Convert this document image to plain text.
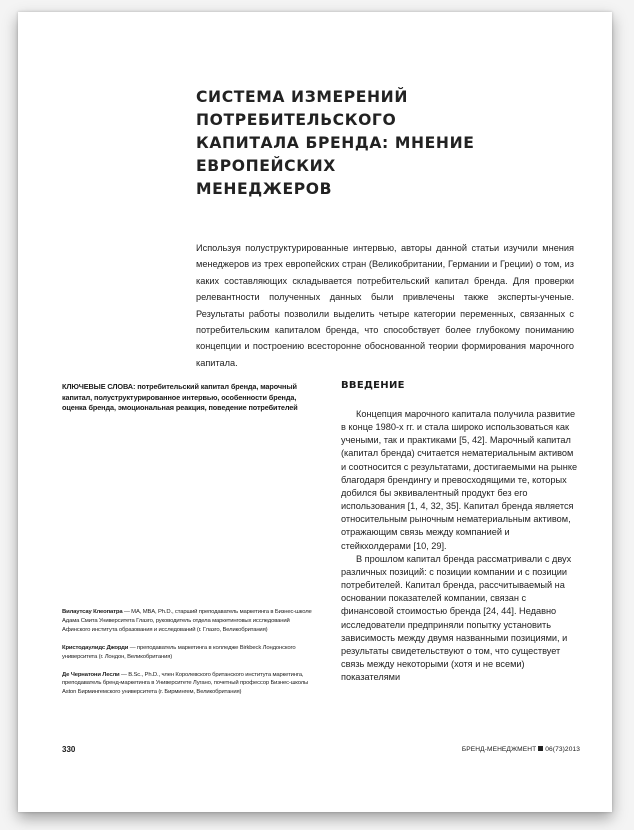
СИСТЕМА ИЗМЕРЕНИЙ ПОТРЕБИТЕЛЬСКОГО
КАПИТАЛА БРЕНДА: МНЕНИЕ ЕВРОПЕЙСКИХ
МЕНЕДЖЕРОВ
Используя полуструктурированные интервью, авторы данной статьи изучили мнения менеджеров из трех европейских стран (Великобритании, Германии и Греции) о том, из каких составляющих складывается потребительский капитал бренда. Для проверки релевантности полученных данных были привлечены также эксперты-ученые. Результаты работы позволили выделить четыре категории переменных, связанных с потребительским капиталом бренда, что способствует более глубокому пониманию концепции и построению всесторонне обоснованной теории формирования марочного капитала.
КЛЮЧЕВЫЕ СЛОВА: потребительский капитал бренда, марочный капитал, полуструктурированное интервью, особенности бренда, оценка бренда, эмоциональная реакция, поведение потребителей
Вилаутсау Клеопатра — MA, MBA, Ph.D., старший преподаватель маркетинга в Бизнес-школе Адама Смита Университета Глазго, руководитель отдела маркетинговых исследований Афинского института образования и исследований (г. Глазго, Великобритания)
Кристодаулидс Джорди — преподаватель маркетинга в колледже Birkbeck Лондонского университета (г. Лондон, Великобритания)
Де Чернатони Лесли — B.Sc., Ph.D., член Королевского британского института маркетинга, преподаватель бренд-маркетинга в Университете Лугано, почетный профессор Бизнес-школы Aston Бирмингемского университета (г. Бирмингем, Великобритания)
ВВЕДЕНИЕ

Концепция марочного капитала получила развитие в конце 1980-х гг. и стала широко использоваться как учеными, так и практиками [5, 42]. Марочный капитал (капитал бренда) считается нематериальным активом и соотносится с результатами, достигаемыми на рынке благодаря брендингу и превосходящими те, которых добился бы эквивалентный продукт без его использования [1, 4, 32, 35]. Капитал бренда является относительным рыночным нематериальным активом, отражающим связь между компанией и стейкхолдерами [10, 29].

В прошлом капитал бренда рассматривали с двух различных позиций: с позиции компании и с позиции потребителей. Капитал бренда, рассчитываемый на основании показателей компании, связан с финансовой стоимостью бренда [24, 44]. Недавно исследователи предприняли попытку установить зависимость между двумя названными позициями, и результаты свидетельствуют о том, что существует связь между некоторыми (хотя и не всеми) показателями

330	БРЕНД-МЕНЕДЖМЕНТ 06(73)2013
